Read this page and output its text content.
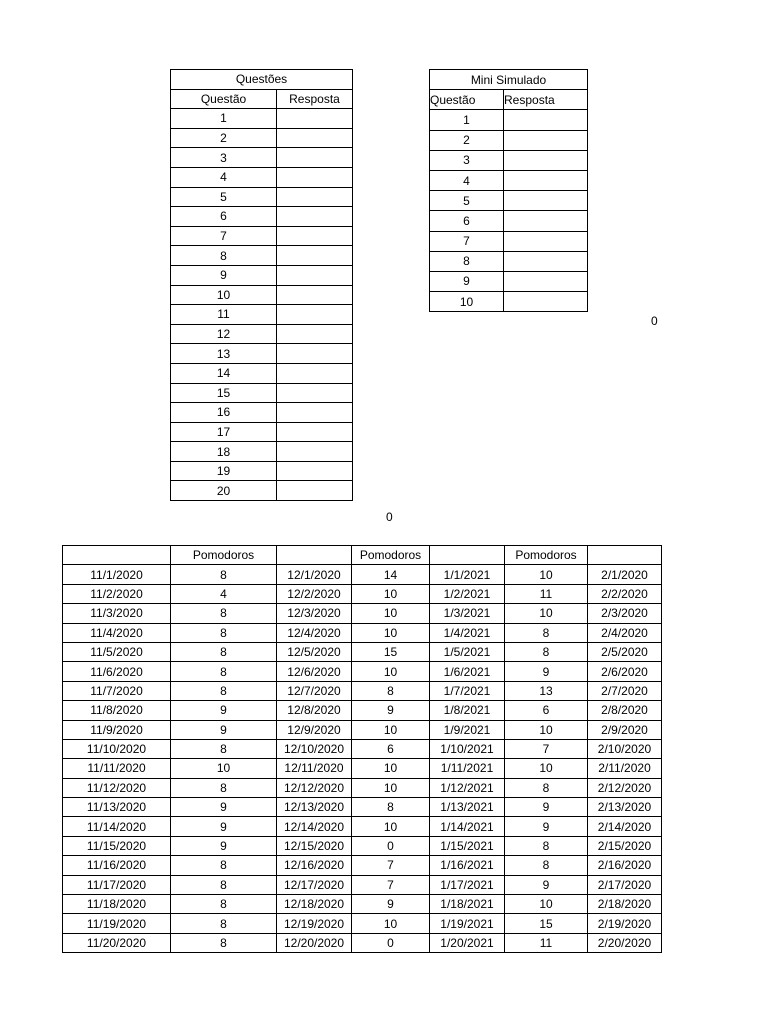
Questões	
Questão	Resposta
1	
2	
3	
4	
5	
6	
7	
8	
9	
10	
11	
12	
13	
14	
15	
16	
17	
18	
19	
20	
Mini Simulado	
Questão	Resposta
1	
2	
3	
4	
5	
6	
7	
8	
9	
10	
0
0
	Pomodoros		Pomodoros		Pomodoros	
11/1/2020	8	12/1/2020	14	1/1/2021	10	2/1/2020
11/2/2020	4	12/2/2020	10	1/2/2021	11	2/2/2020
11/3/2020	8	12/3/2020	10	1/3/2021	10	2/3/2020
11/4/2020	8	12/4/2020	10	1/4/2021	8	2/4/2020
11/5/2020	8	12/5/2020	15	1/5/2021	8	2/5/2020
11/6/2020	8	12/6/2020	10	1/6/2021	9	2/6/2020
11/7/2020	8	12/7/2020	8	1/7/2021	13	2/7/2020
11/8/2020	9	12/8/2020	9	1/8/2021	6	2/8/2020
11/9/2020	9	12/9/2020	10	1/9/2021	10	2/9/2020
11/10/2020	8	12/10/2020	6	1/10/2021	7	2/10/2020
11/11/2020	10	12/11/2020	10	1/11/2021	10	2/11/2020
11/12/2020	8	12/12/2020	10	1/12/2021	8	2/12/2020
11/13/2020	9	12/13/2020	8	1/13/2021	9	2/13/2020
11/14/2020	9	12/14/2020	10	1/14/2021	9	2/14/2020
11/15/2020	9	12/15/2020	0	1/15/2021	8	2/15/2020
11/16/2020	8	12/16/2020	7	1/16/2021	8	2/16/2020
11/17/2020	8	12/17/2020	7	1/17/2021	9	2/17/2020
11/18/2020	8	12/18/2020	9	1/18/2021	10	2/18/2020
11/19/2020	8	12/19/2020	10	1/19/2021	15	2/19/2020
11/20/2020	8	12/20/2020	0	1/20/2021	11	2/20/2020
